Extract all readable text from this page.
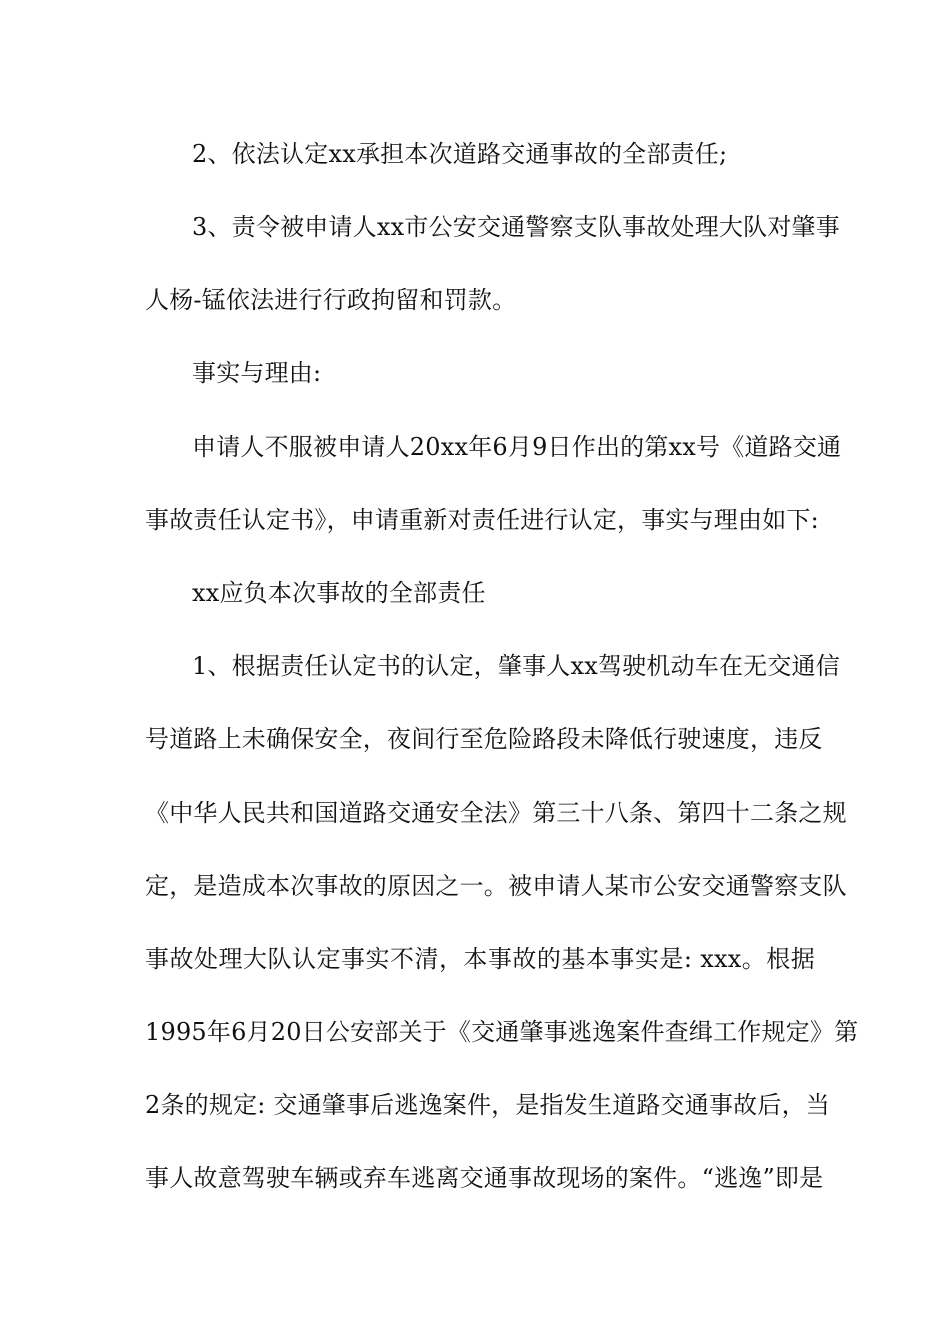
2、依法认定xx承担本次道路交通事故的全部责任;
3、责令被申请人xx市公安交通警察支队事故处理大队对肇事
人杨-锰依法进行行政拘留和罚款。
事实与理由:
申请人不服被申请人20xx年6月9日作出的第xx号《道路交通
事故责任认定书》，申请重新对责任进行认定，事实与理由如下:
xx应负本次事故的全部责任
1、根据责任认定书的认定，肇事人xx驾驶机动车在无交通信
号道路上未确保安全，夜间行至危险路段未降低行驶速度，违反
《中华人民共和国道路交通安全法》第三十八条、第四十二条之规
定，是造成本次事故的原因之一。被申请人某市公安交通警察支队
事故处理大队认定事实不清，本事故的基本事实是: xxx。根据
1995年6月20日公安部关于《交通肇事逃逸案件查缉工作规定》第
2条的规定: 交通肇事后逃逸案件，是指发生道路交通事故后，当
事人故意驾驶车辆或弃车逃离交通事故现场的案件。“逃逸”即是
